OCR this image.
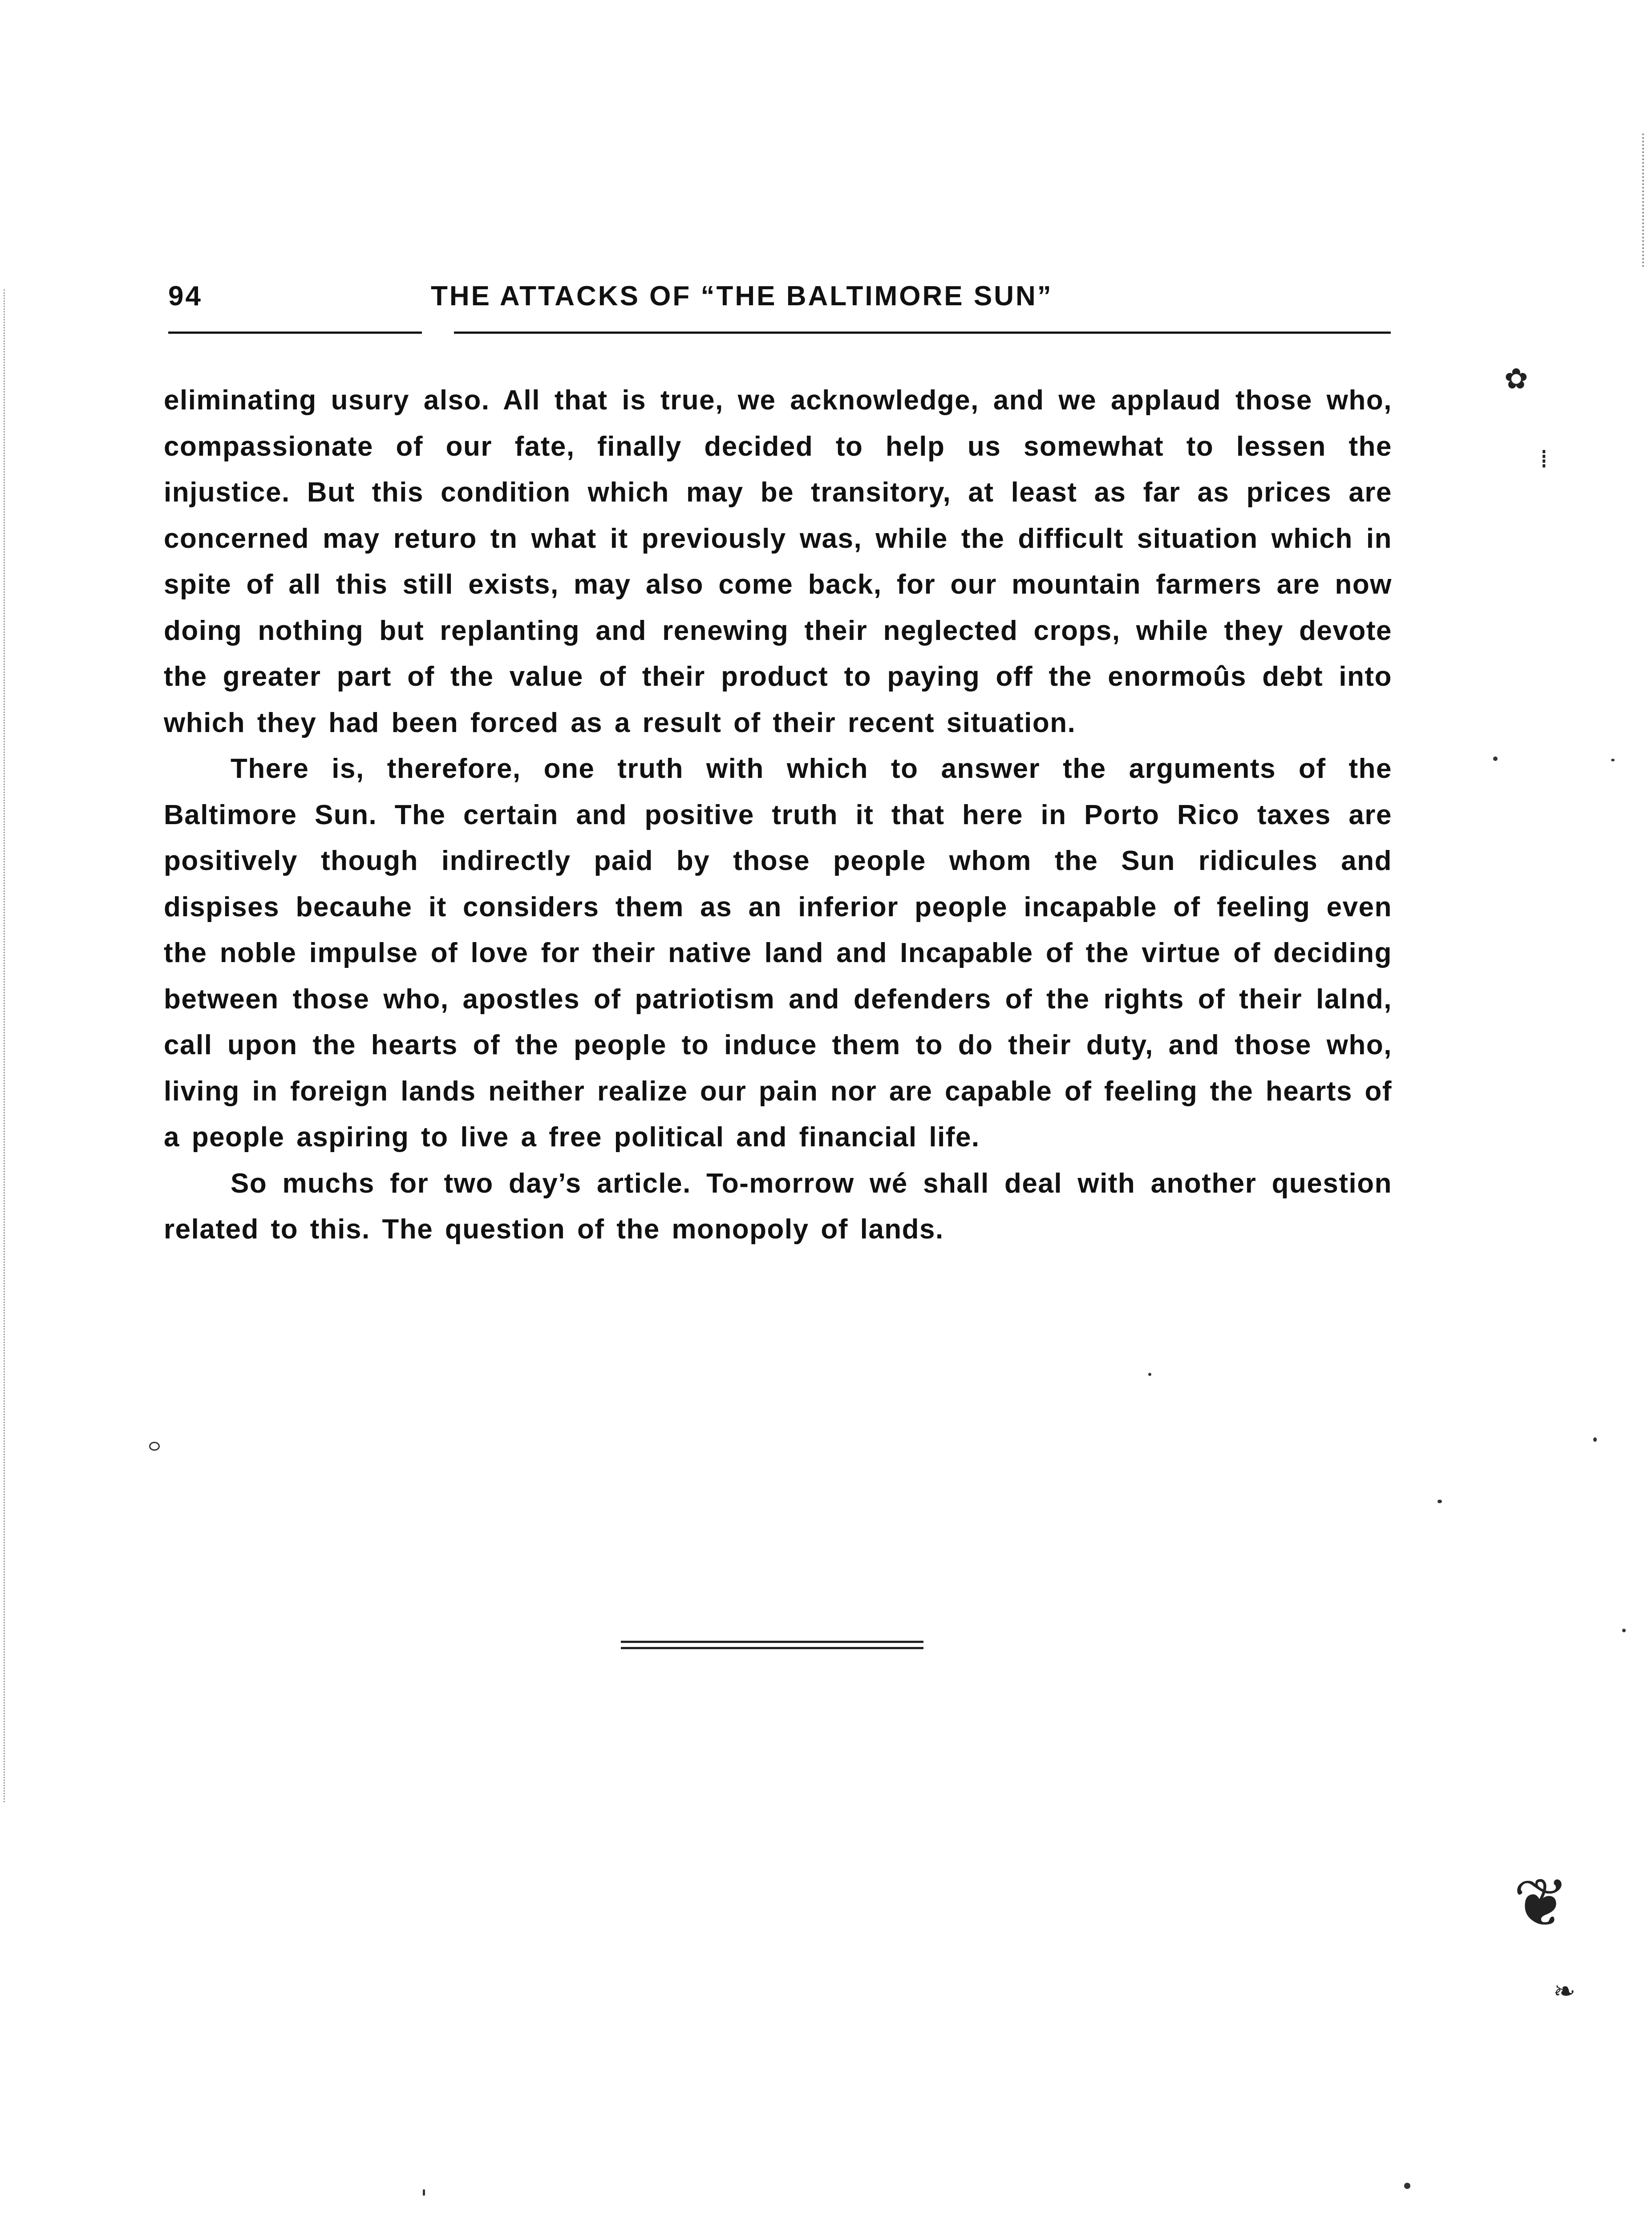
94	THE ATTACKS OF “THE BALTIMORE SUN”

eliminating usury also. All that is true, we acknowledge, and we applaud those who, compassionate of our fate, finally decided to help us somewhat to lessen the injustice. But this condition which may be transitory, at least as far as prices are concerned may returo tn what it previously was, while the difficult situation which in spite of all this still exists, may also come back, for our mountain farmers are now doing nothing but replanting and renewing their neglected crops, while they devote the greater part of the value of their product to paying off the enormoûs debt into which they had been forced as a result of their recent situation.

There is, therefore, one truth with which to answer the arguments of the Baltimore Sun. The certain and positive truth it that here in Porto Rico taxes are positively though indirectly paid by those people whom the Sun ridicules and dispises becauhe it considers them as an inferior people incapable of feeling even the noble impulse of love for their native land and Incapable of the virtue of deciding between those who, apostles of patriotism and defenders of the rights of their lalnd, call upon the hearts of the people to induce them to do their duty, and those who, living in foreign lands neither realize our pain nor are capable of feeling the hearts of a people aspiring to live a free political and financial life.

So muchs for two day’s article. To-morrow wé shall deal with another question related to this. The question of the monopoly of lands.

✿
⁞
❦
❧
